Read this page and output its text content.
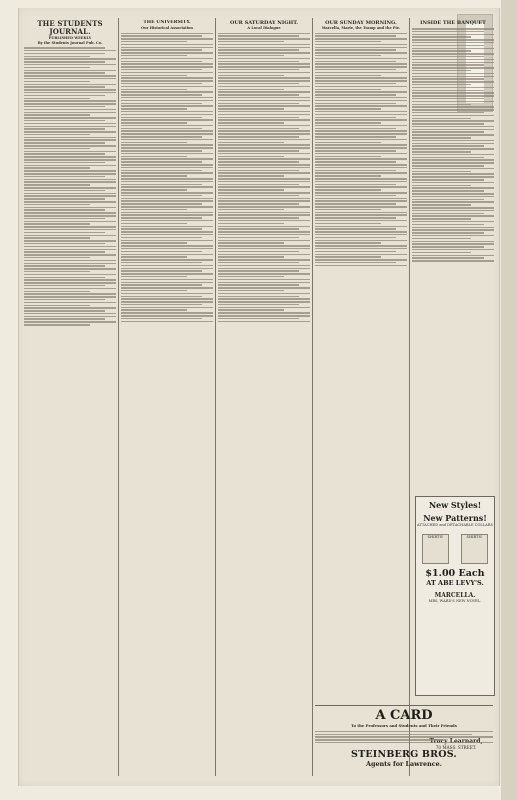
THE STUDENTS JOURNAL.
PUBLISHED WEEKLY
By the Students Journal Pub. Co.
THE UNIVERSITY.
Our Historical Association
OUR SATURDAY NIGHT.
A Local Dialogue
OUR SUNDAY MORNING.
Marcella, Marie, the Tramp and the Pie.
INSIDE THE BANQUET
New Styles!
New Patterns!
ATTACHED and DETACHABLE COLLARS
SHIRTS!	SHIRTS!
$1.00 Each
AT ABE LEVY'S.
MARCELLA.
MRS. WARD'S NEW NOVEL.
70 MASS. STREET.
A CARD
To the Professors and Students and Their Friends
STEINBERG BROS.
Agents for Lawrence.
